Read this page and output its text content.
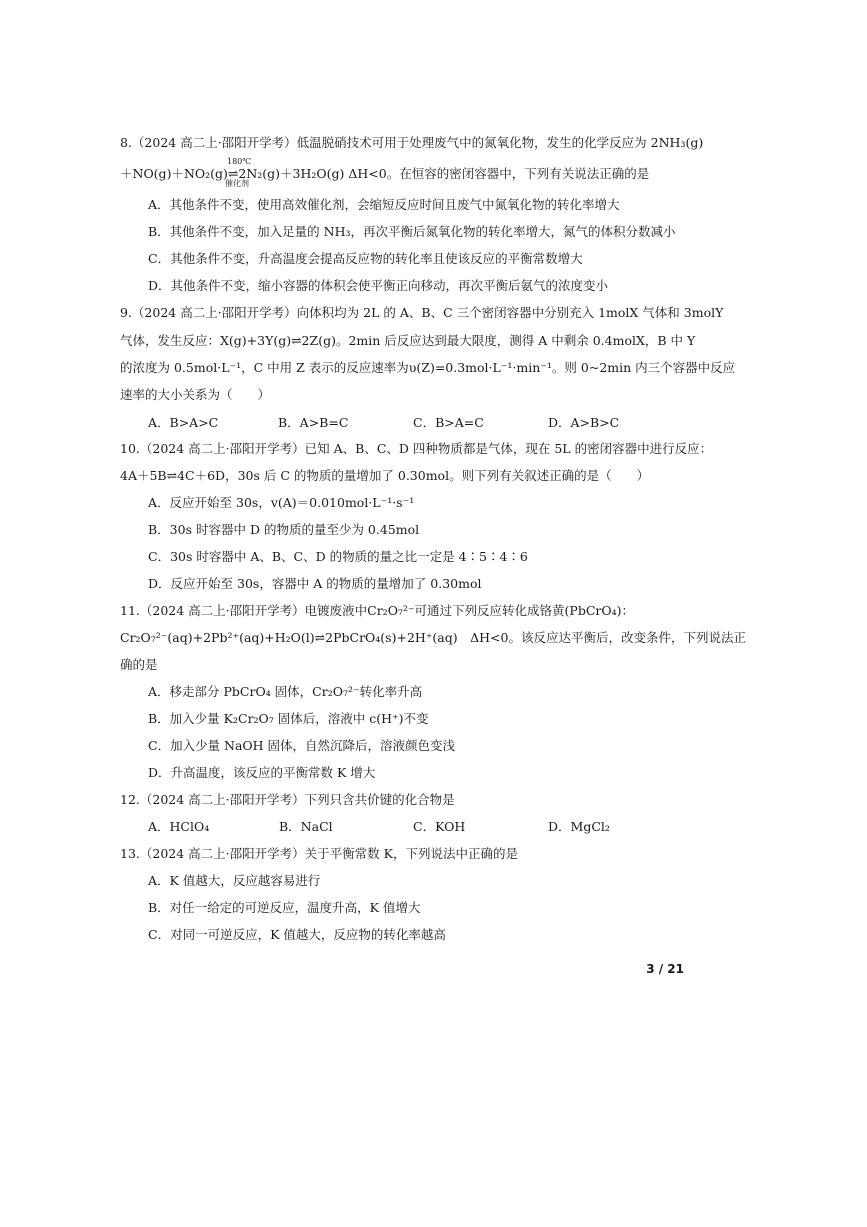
8.（2024 高二上·邵阳开学考）低温脱硝技术可用于处理废气中的氮氧化物，发生的化学反应为 2NH₃(g)
180℃
催化剂
＋NO(g)＋NO₂(g)⇌2N₂(g)＋3H₂O(g) ΔH<0。在恒容的密闭容器中，下列有关说法正确的是
A．其他条件不变，使用高效催化剂，会缩短反应时间且废气中氮氧化物的转化率增大
B．其他条件不变，加入足量的 NH₃，再次平衡后氮氧化物的转化率增大，氮气的体积分数减小
C．其他条件不变，升高温度会提高反应物的转化率且使该反应的平衡常数增大
D．其他条件不变，缩小容器的体积会使平衡正向移动，再次平衡后氨气的浓度变小
9.（2024 高二上·邵阳开学考）向体积均为 2L 的 A、B、C 三个密闭容器中分别充入 1molX 气体和 3molY
气体，发生反应：X(g)+3Y(g)⇌2Z(g)。2min 后反应达到最大限度，测得 A 中剩余 0.4molX，B 中 Y
的浓度为 0.5mol·L⁻¹，C 中用 Z 表示的反应速率为υ(Z)=0.3mol·L⁻¹·min⁻¹。则 0~2min 内三个容器中反应
速率的大小关系为（　　）
A．B>A>C	B．A>B=C	C．B>A=C	D．A>B>C
10.（2024 高二上·邵阳开学考）已知 A、B、C、D 四种物质都是气体，现在 5L 的密闭容器中进行反应：
4A＋5B⇌4C＋6D，30s 后 C 的物质的量增加了 0.30mol。则下列有关叙述正确的是（　　）
A．反应开始至 30s，v(A)＝0.010mol·L⁻¹·s⁻¹
B．30s 时容器中 D 的物质的量至少为 0.45mol
C．30s 时容器中 A、B、C、D 的物质的量之比一定是 4∶5∶4∶6
D．反应开始至 30s，容器中 A 的物质的量增加了 0.30mol
11.（2024 高二上·邵阳开学考）电镀废液中Cr₂O₇²⁻可通过下列反应转化成铬黄(PbCrO₄)：
Cr₂O₇²⁻(aq)+2Pb²⁺(aq)+H₂O(l)⇌2PbCrO₄(s)+2H⁺(aq)　ΔH<0。该反应达平衡后，改变条件，下列说法正
确的是
A．移走部分 PbCrO₄ 固体，Cr₂O₇²⁻转化率升高
B．加入少量 K₂Cr₂O₇ 固体后，溶液中 c(H⁺)不变
C．加入少量 NaOH 固体，自然沉降后，溶液颜色变浅
D．升高温度，该反应的平衡常数 K 增大
12.（2024 高二上·邵阳开学考）下列只含共价键的化合物是
A．HClO₄	B．NaCl	C．KOH	D．MgCl₂
13.（2024 高二上·邵阳开学考）关于平衡常数 K，下列说法中正确的是
A．K 值越大，反应越容易进行
B．对任一给定的可逆反应，温度升高，K 值增大
C．对同一可逆反应，K 值越大，反应物的转化率越高
3 / 21
